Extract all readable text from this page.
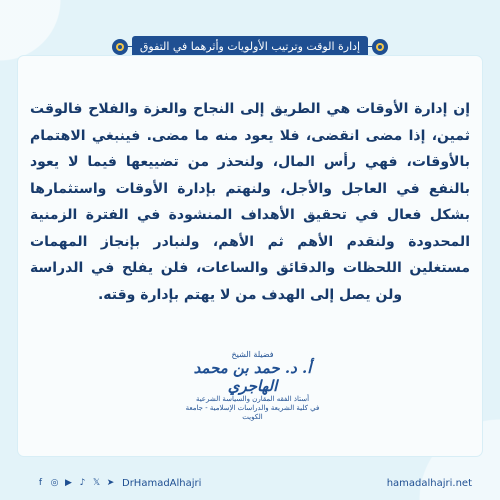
إدارة الوقت وترتيب الأولويات وأثرهما في التفوق
إن إدارة الأوقات هي الطريق إلى النجاح والعزة والفلاح فالوقت ثمين، إذا مضى انقضى، فلا يعود منه ما مضى. فينبغي الاهتمام بالأوقات، فهي رأس المال، ولنحذر من تضييعها فيما لا يعود بالنفع في العاجل والأجل، ولنهتم بإدارة الأوقات واستثمارها بشكل فعال في تحقيق الأهداف المنشودة في الفترة الزمنية المحدودة ولنقدم الأهم ثم الأهم، ولنبادر بإنجاز المهمات مستغلين اللحظات والدقائق والساعات، فلن يفلح في الدراسة ولن يصل إلى الهدف من لا يهتم بإدارة وقته.
فضيلة الشيخ
أ. د. حمد بن محمد الهاجري
أستاذ الفقه المقارن والسياسة الشرعية
في كلية الشريعة والدراسات الإسلامية - جامعة الكويت
f ◎ ▶ ♪ 𝕏 ➤ DrHamadAlhajri	hamadalhajri.net
